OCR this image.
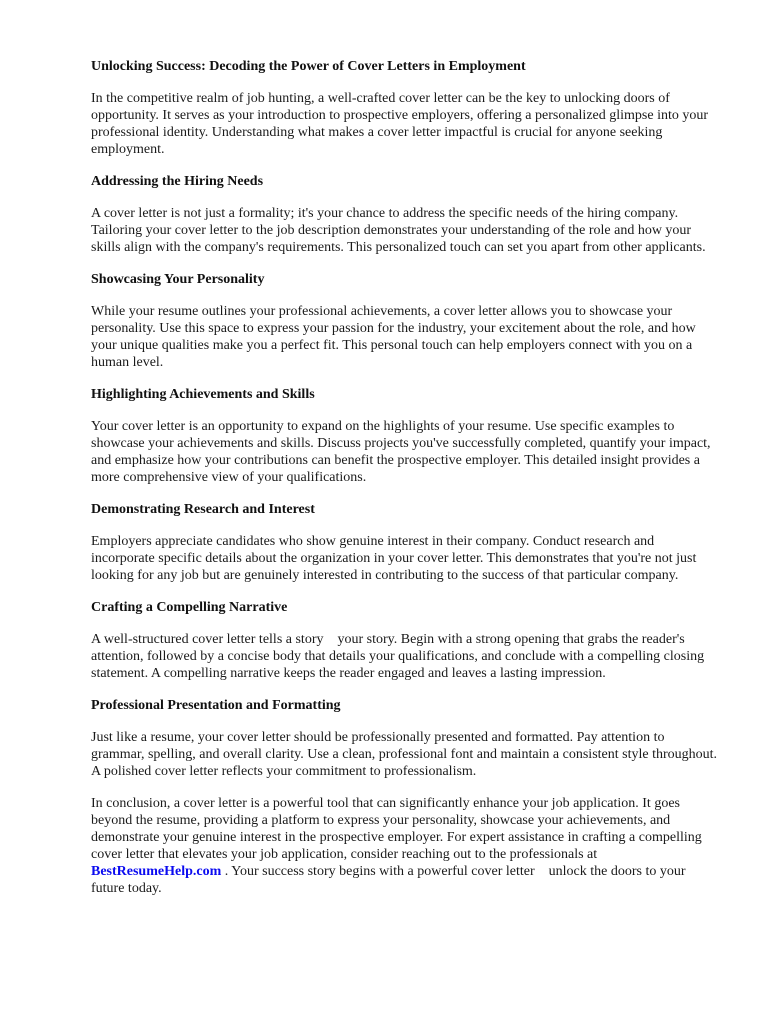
Unlocking Success: Decoding the Power of Cover Letters in Employment

In the competitive realm of job hunting, a well-crafted cover letter can be the key to unlocking doors of opportunity. It serves as your introduction to prospective employers, offering a personalized glimpse into your professional identity. Understanding what makes a cover letter impactful is crucial for anyone seeking employment.

Addressing the Hiring Needs

A cover letter is not just a formality; it's your chance to address the specific needs of the hiring company. Tailoring your cover letter to the job description demonstrates your understanding of the role and how your skills align with the company's requirements. This personalized touch can set you apart from other applicants.

Showcasing Your Personality

While your resume outlines your professional achievements, a cover letter allows you to showcase your personality. Use this space to express your passion for the industry, your excitement about the role, and how your unique qualities make you a perfect fit. This personal touch can help employers connect with you on a human level.

Highlighting Achievements and Skills

Your cover letter is an opportunity to expand on the highlights of your resume. Use specific examples to showcase your achievements and skills. Discuss projects you've successfully completed, quantify your impact, and emphasize how your contributions can benefit the prospective employer. This detailed insight provides a more comprehensive view of your qualifications.

Demonstrating Research and Interest

Employers appreciate candidates who show genuine interest in their company. Conduct research and incorporate specific details about the organization in your cover letter. This demonstrates that you're not just looking for any job but are genuinely interested in contributing to the success of that particular company.

Crafting a Compelling Narrative

A well-structured cover letter tells a story    your story. Begin with a strong opening that grabs the reader's attention, followed by a concise body that details your qualifications, and conclude with a compelling closing statement. A compelling narrative keeps the reader engaged and leaves a lasting impression.

Professional Presentation and Formatting

Just like a resume, your cover letter should be professionally presented and formatted. Pay attention to grammar, spelling, and overall clarity. Use a clean, professional font and maintain a consistent style throughout. A polished cover letter reflects your commitment to professionalism.

In conclusion, a cover letter is a powerful tool that can significantly enhance your job application. It goes beyond the resume, providing a platform to express your personality, showcase your achievements, and demonstrate your genuine interest in the prospective employer. For expert assistance in crafting a compelling cover letter that elevates your job application, consider reaching out to the professionals at BestResumeHelp.com . Your success story begins with a powerful cover letter    unlock the doors to your future today.
